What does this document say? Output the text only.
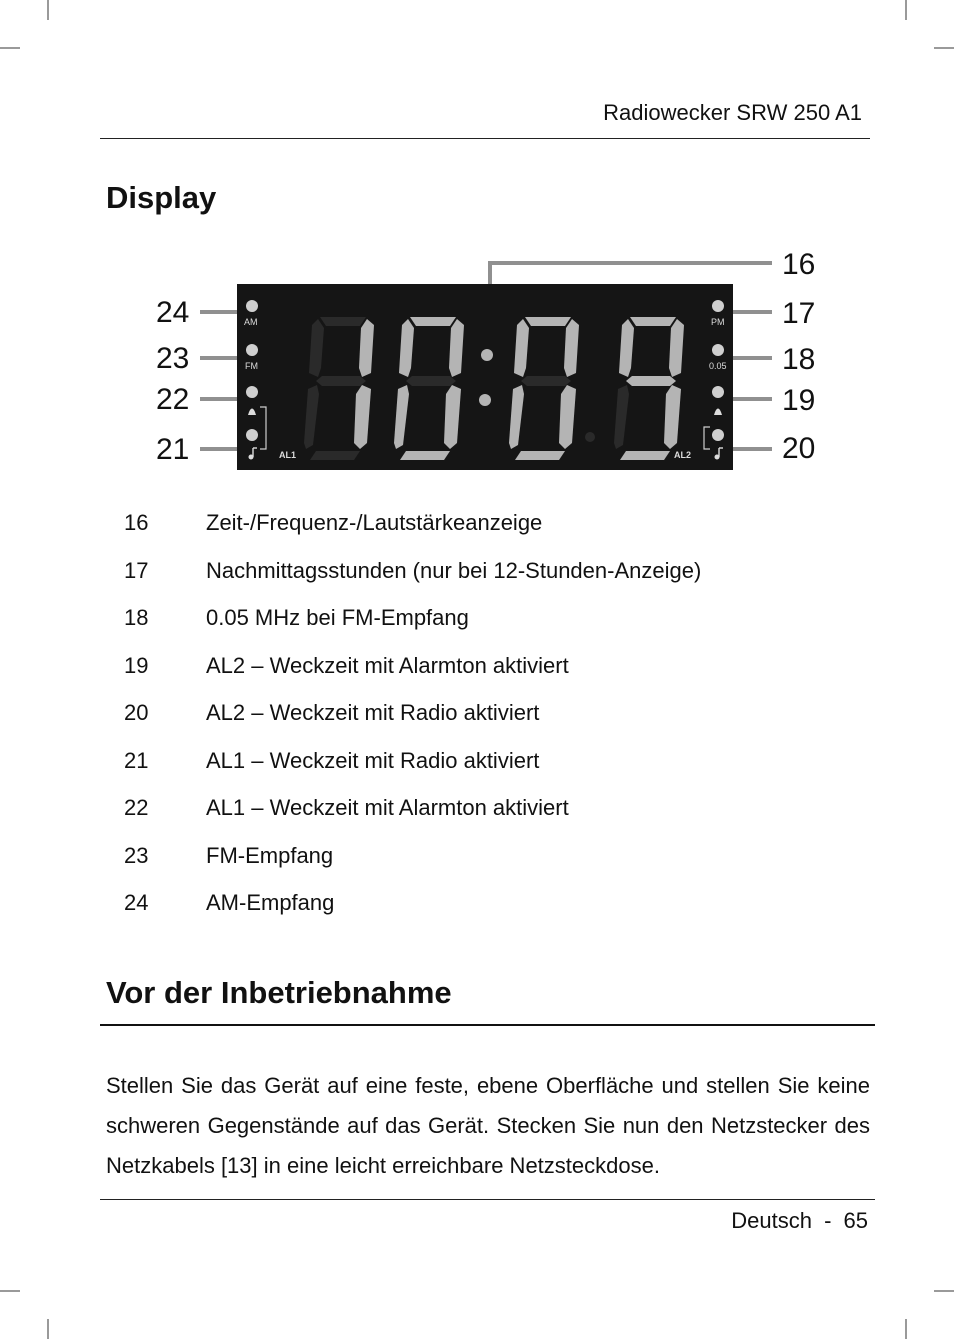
Radiowecker SRW 250 A1
Display
AM
FM
AL1
PM
0.05
AL2
24
23
22
21
16
17
18
19
20
16	Zeit-/Frequenz-/Lautstärkeanzeige
17	Nachmittagsstunden (nur bei 12-Stunden-Anzeige)
18	0.05 MHz bei FM-Empfang
19	AL2 – Weckzeit mit Alarmton aktiviert
20	AL2 – Weckzeit mit Radio aktiviert
21	AL1 – Weckzeit mit Radio aktiviert
22	AL1 – Weckzeit mit Alarmton aktiviert
23	FM-Empfang
24	AM-Empfang
Vor der Inbetriebnahme
Stellen Sie das Gerät auf eine feste, ebene Oberfläche und stellen Sie keine schweren Gegenstände auf das Gerät. Stecken Sie nun den Netzstecker des Netzkabels [13] in eine leicht erreichbare Netzsteckdose.
Deutsch - 65
